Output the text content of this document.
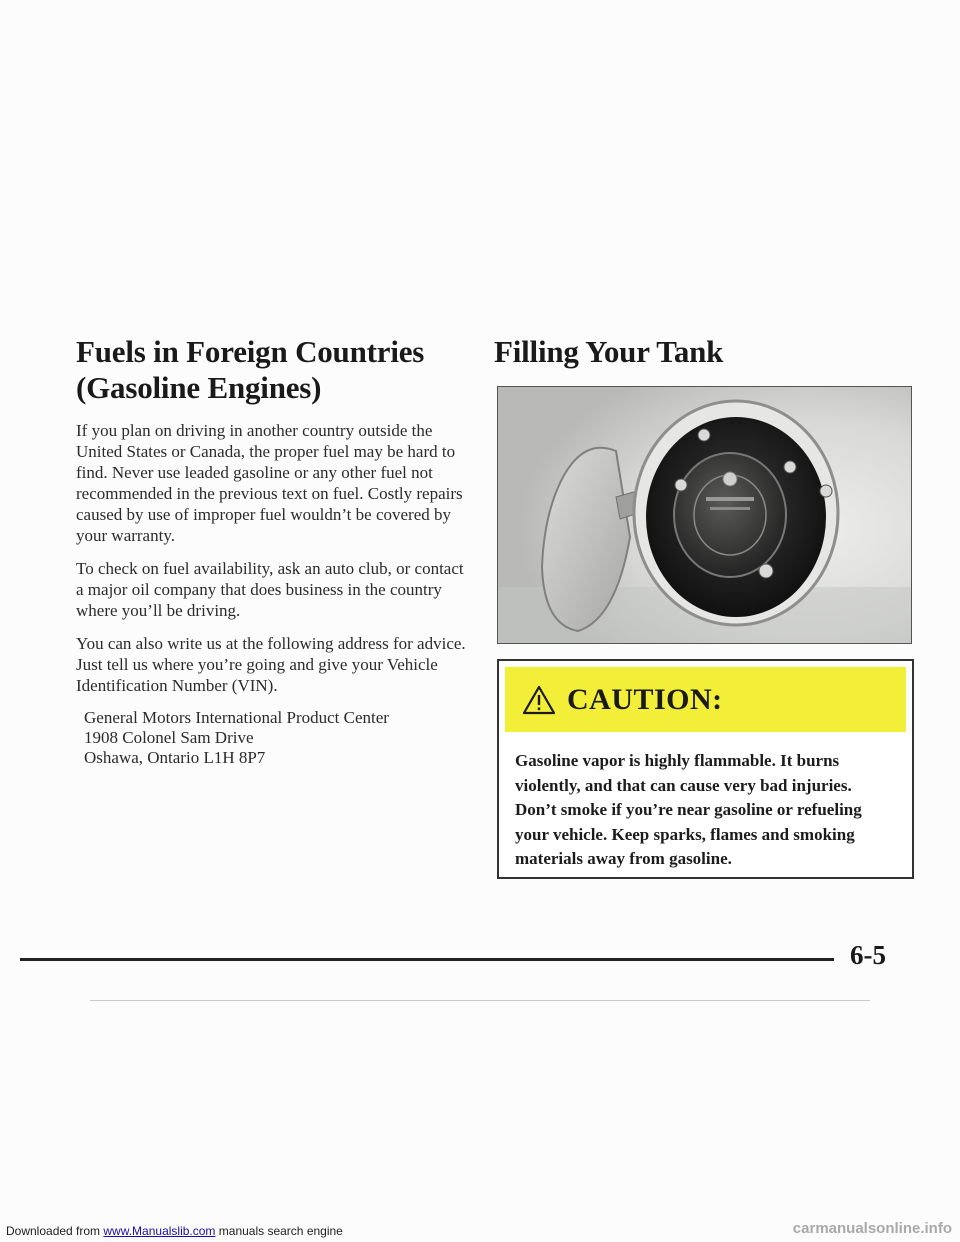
Fuels in Foreign Countries
(Gasoline Engines)

If you plan on driving in another country outside the United States or Canada, the proper fuel may be hard to find. Never use leaded gasoline or any other fuel not recommended in the previous text on fuel. Costly repairs caused by use of improper fuel wouldn’t be covered by your warranty.

To check on fuel availability, ask an auto club, or contact a major oil company that does business in the country where you’ll be driving.

You can also write us at the following address for advice. Just tell us where you’re going and give your Vehicle Identification Number (VIN).

General Motors International Product Center
1908 Colonel Sam Drive
Oshawa, Ontario L1H 8P7
Filling Your Tank
CAUTION:
Gasoline vapor is highly flammable. It burns violently, and that can cause very bad injuries. Don’t smoke if you’re near gasoline or refueling your vehicle. Keep sparks, flames and smoking materials away from gasoline.
6-5
Downloaded from www.Manualslib.com manuals search engine	carmanualsonline.info
